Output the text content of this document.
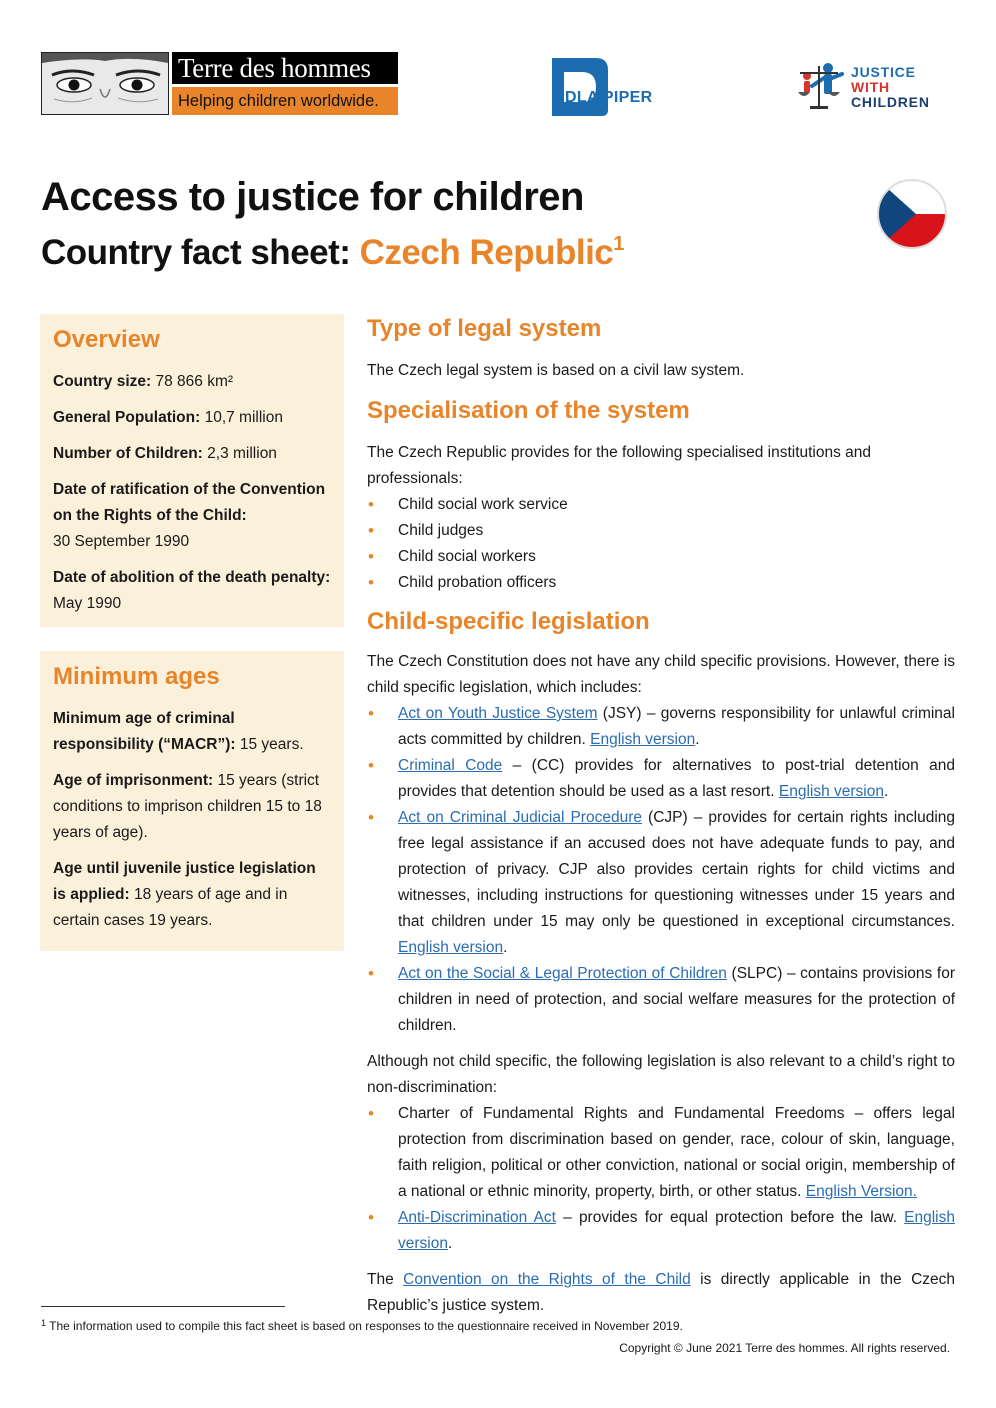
Terre des hommes
Helping children worldwide.	DLA PIPER
JUSTICE
WITH
CHILDREN
Access to justice for children
Country fact sheet: Czech Republic$^1$
Overview

Country size: 78 866 km²

General Population: 10,7 million

Number of Children: 2,3 million

Date of ratification of the Convention on the Rights of the Child:
30 September 1990

Date of abolition of the death penalty: May 1990

Minimum ages

Minimum age of criminal responsibility (“MACR”): 15 years.

Age of imprisonment: 15 years (strict conditions to imprison children 15 to 18 years of age).

Age until juvenile justice legislation is applied: 18 years of age and in certain cases 19 years.

Type of legal system

The Czech legal system is based on a civil law system.

Specialisation of the system

The Czech Republic provides for the following specialised institutions and professionals:

• Child social work service
• Child judges
• Child social workers
• Child probation officers
Child-specific legislation

The Czech Constitution does not have any child specific provisions. However, there is child specific legislation, which includes:

• Act on Youth Justice System (JSY) – governs responsibility for unlawful criminal acts committed by children. English version.
• Criminal Code – (CC) provides for alternatives to post-trial detention and provides that detention should be used as a last resort. English version.
• Act on Criminal Judicial Procedure (CJP) – provides for certain rights including free legal assistance if an accused does not have adequate funds to pay, and protection of privacy. CJP also provides certain rights for child victims and witnesses, including instructions for questioning witnesses under 15 years and that children under 15 may only be questioned in exceptional circumstances. English version.
• Act on the Social & Legal Protection of Children (SLPC) – contains provisions for children in need of protection, and social welfare measures for the protection of children.

Although not child specific, the following legislation is also relevant to a child’s right to non-discrimination:

• Charter of Fundamental Rights and Fundamental Freedoms – offers legal protection from discrimination based on gender, race, colour of skin, language, faith religion, political or other conviction, national or social origin, membership of a national or ethnic minority, property, birth, or other status. English Version.
• Anti-Discrimination Act – provides for equal protection before the law. English version.

The Convention on the Rights of the Child is directly applicable in the Czech Republic’s justice system.

$^1$ The information used to compile this fact sheet is based on responses to the questionnaire received in November 2019.
Copyright © June 2021 Terre des hommes. All rights reserved.
